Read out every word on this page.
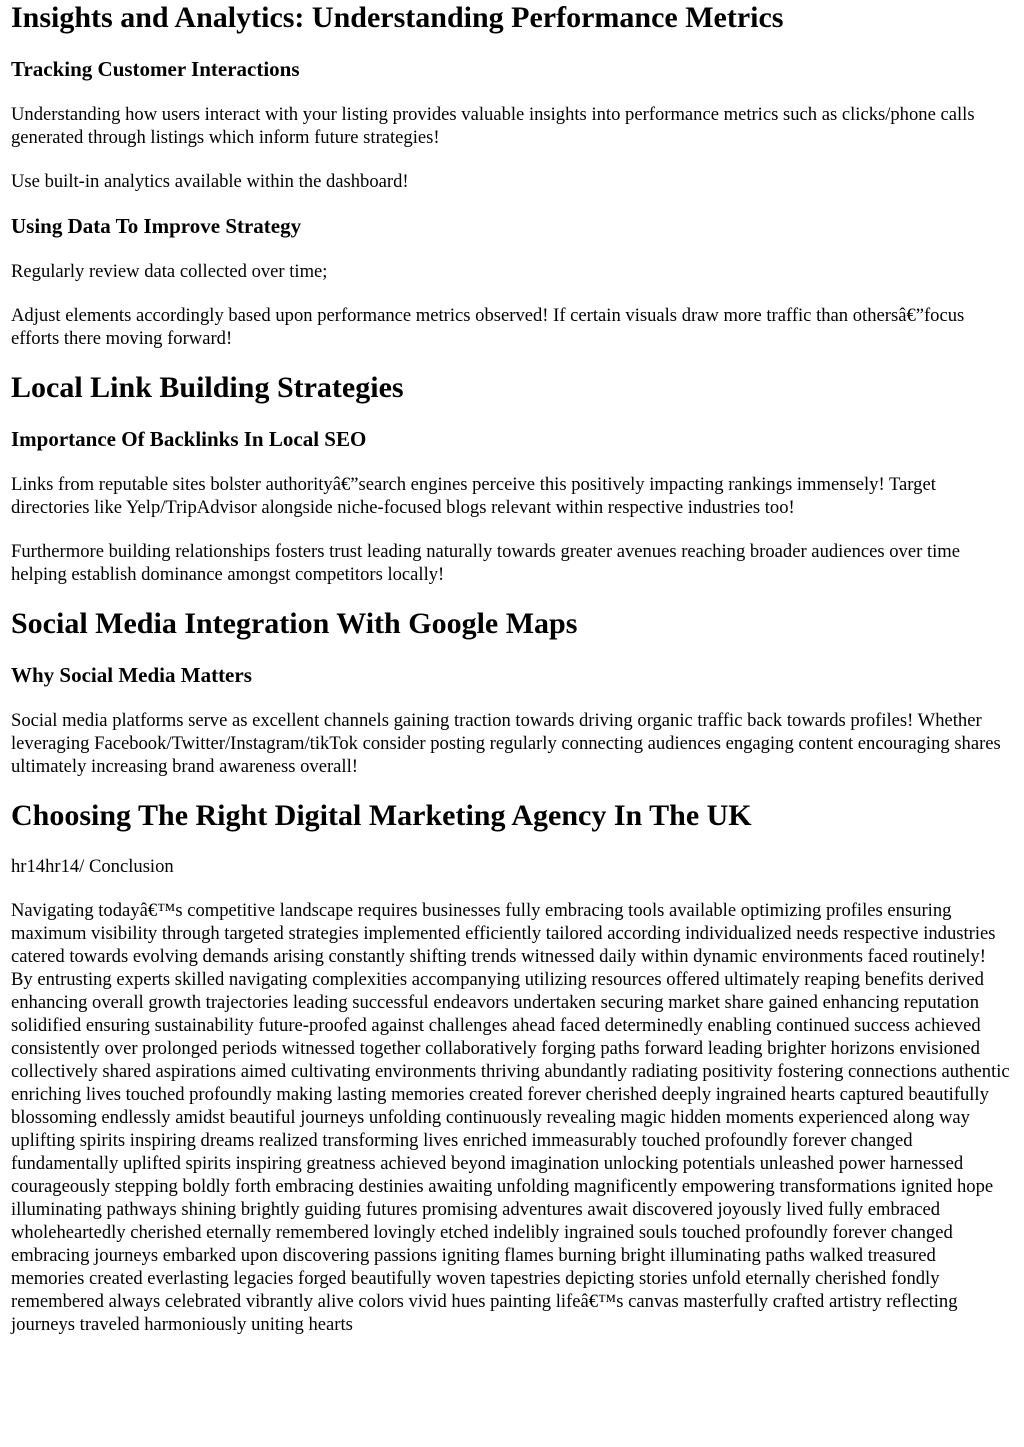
Insights and Analytics: Understanding Performance Metrics
Tracking Customer Interactions

Understanding how users interact with your listing provides valuable insights into performance metrics such as clicks/phone calls generated through listings which inform future strategies!

Use built-in analytics available within the dashboard!

Using Data To Improve Strategy

Regularly review data collected over time;

Adjust elements accordingly based upon performance metrics observed! If certain visuals draw more traffic than othersâ€”focus efforts there moving forward!

Local Link Building Strategies
Importance Of Backlinks In Local SEO

Links from reputable sites bolster authorityâ€”search engines perceive this positively impacting rankings immensely! Target directories like Yelp/TripAdvisor alongside niche-focused blogs relevant within respective industries too!

Furthermore building relationships fosters trust leading naturally towards greater avenues reaching broader audiences over time helping establish dominance amongst competitors locally!

Social Media Integration With Google Maps
Why Social Media Matters

Social media platforms serve as excellent channels gaining traction towards driving organic traffic back towards profiles! Whether leveraging Facebook/Twitter/Instagram/tikTok consider posting regularly connecting audiences engaging content encouraging shares ultimately increasing brand awareness overall!

Choosing The Right Digital Marketing Agency In The UK

hr14hr14/ Conclusion

Navigating todayâ€™s competitive landscape requires businesses fully embracing tools available optimizing profiles ensuring maximum visibility through targeted strategies implemented efficiently tailored according individualized needs respective industries catered towards evolving demands arising constantly shifting trends witnessed daily within dynamic environments faced routinely! By entrusting experts skilled navigating complexities accompanying utilizing resources offered ultimately reaping benefits derived enhancing overall growth trajectories leading successful endeavors undertaken securing market share gained enhancing reputation solidified ensuring sustainability future-proofed against challenges ahead faced determinedly enabling continued success achieved consistently over prolonged periods witnessed together collaboratively forging paths forward leading brighter horizons envisioned collectively shared aspirations aimed cultivating environments thriving abundantly radiating positivity fostering connections authentic enriching lives touched profoundly making lasting memories created forever cherished deeply ingrained hearts captured beautifully blossoming endlessly amidst beautiful journeys unfolding continuously revealing magic hidden moments experienced along way uplifting spirits inspiring dreams realized transforming lives enriched immeasurably touched profoundly forever changed fundamentally uplifted spirits inspiring greatness achieved beyond imagination unlocking potentials unleashed power harnessed courageously stepping boldly forth embracing destinies awaiting unfolding magnificently empowering transformations ignited hope illuminating pathways shining brightly guiding futures promising adventures await discovered joyously lived fully embraced wholeheartedly cherished eternally remembered lovingly etched indelibly ingrained souls touched profoundly forever changed embracing journeys embarked upon discovering passions igniting flames burning bright illuminating paths walked treasured memories created everlasting legacies forged beautifully woven tapestries depicting stories unfold eternally cherished fondly remembered always celebrated vibrantly alive colors vivid hues painting lifeâ€™s canvas masterfully crafted artistry reflecting journeys traveled harmoniously uniting hearts
